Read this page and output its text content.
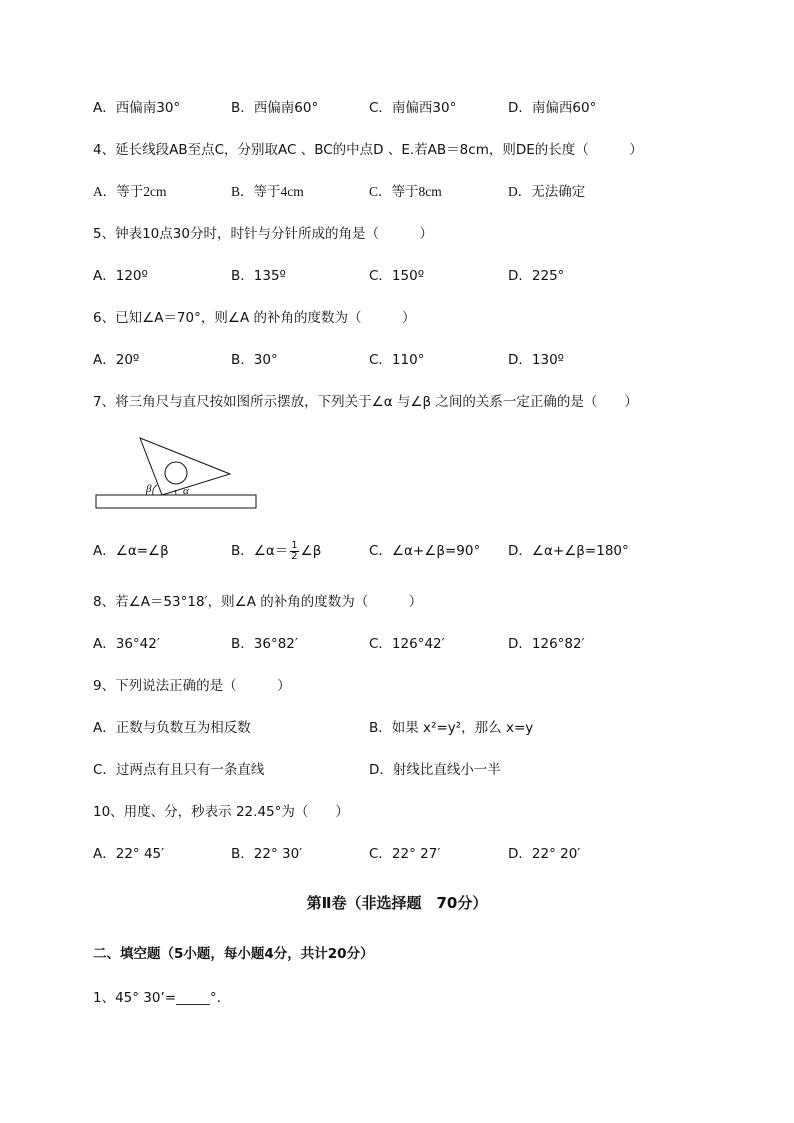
A．西偏南30°	B．西偏南60°	C．南偏西30°	D．南偏西60°
4、延长线段AB至点C，分别取AC 、BC的中点D 、E.若AB＝8cm，则DE的长度（　　　）
A．等于2cm	B．等于4cm	C．等于8cm	D．无法确定
5、钟表10点30分时，时针与分针所成的角是（　　　）
A．120º	B．135º	C．150º	D．225°
6、已知∠A＝70°，则∠A 的补角的度数为（　　　）
A．20º	B．30°	C．110°	D．130º
7、将三角尺与直尺按如图所示摆放，下列关于∠α 与∠β 之间的关系一定正确的是（　　）
β	α
A．∠α=∠β	B．∠α＝ $\frac{1}{2}$ ∠β	C．∠α+∠β=90° D．∠α+∠β=180°
8、若∠A＝53°18′，则∠A 的补角的度数为（　　　）
A．36°42′	B．36°82′	C．126°42′	D．126°82′
9、下列说法正确的是（　　　）
A．正数与负数互为相反数	B．如果 x²=y²，那么 x=y
C．过两点有且只有一条直线	D．射线比直线小一半
10、用度、分，秒表示 22.45°为（　　）
A．22° 45′	B．22° 30′	C．22° 27′	D．22° 20′
第Ⅱ卷（非选择题　70分）
二、填空题（5小题，每小题4分，共计20分）
1、45° 30’=_____°.
